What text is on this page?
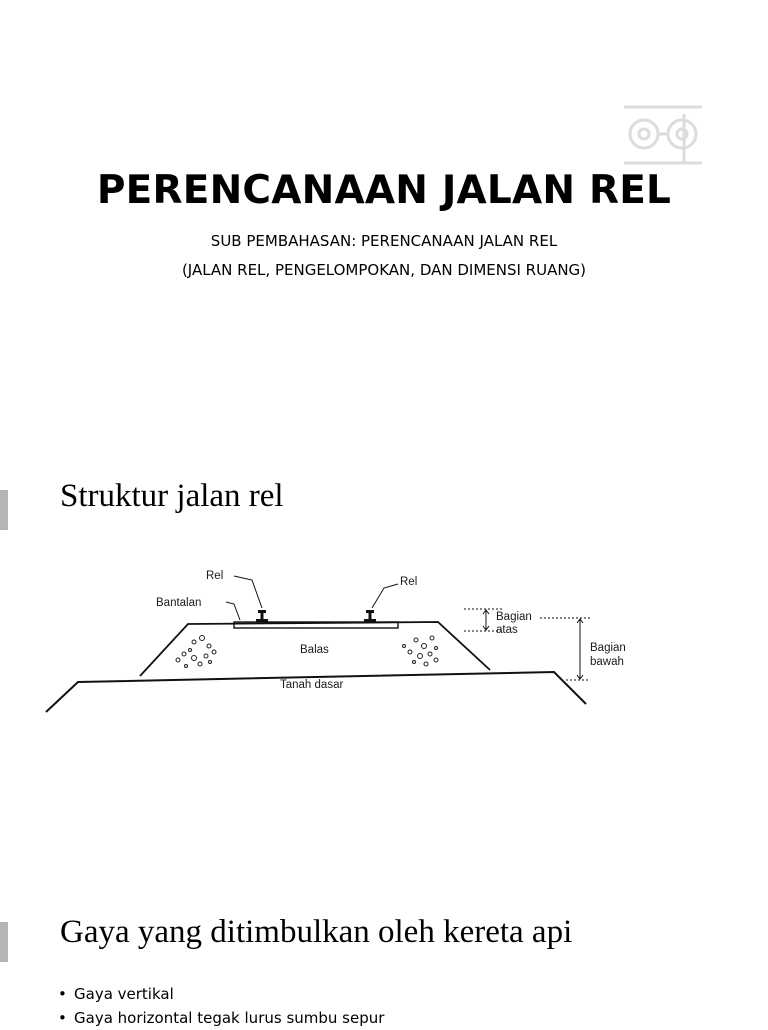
PERENCANAAN JALAN REL
SUB PEMBAHASAN: PERENCANAAN JALAN REL
(JALAN REL, PENGELOMPOKAN, DAN DIMENSI RUANG)
Struktur jalan rel
Rel	Rel
Bantalan
Balas
Tanah dasar
Bagian
atas
Bagian
bawah
Gaya yang ditimbulkan oleh kereta api
• Gaya vertikal
• Gaya horizontal tegak lurus sumbu sepur
